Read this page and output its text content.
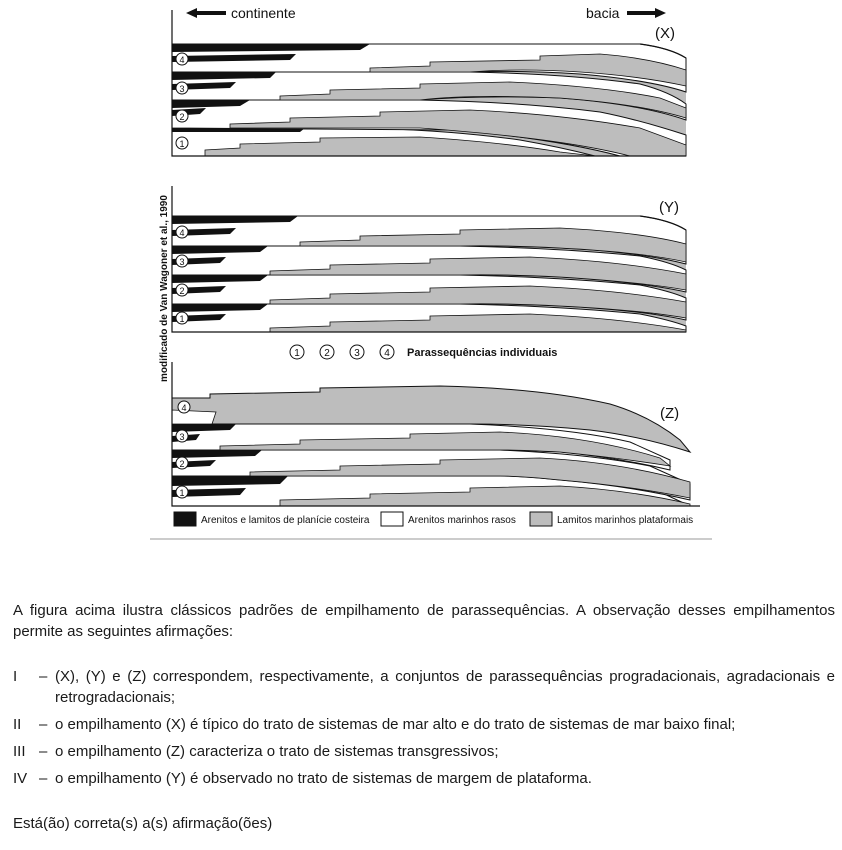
continente	bacia
modificado de Van Wagoner et al., 1990
(X)
(Y)
1 2 3 4 Parassequências individuais
(Z)
1
2
3
4
1
2
3
4
1
2
3
4
Arenitos e lamitos de planície costeira	Arenitos marinhos rasos	Lamitos marinhos plataformais

A figura acima ilustra clássicos padrões de empilhamento de parassequências. A observação desses empilhamentos permite as seguintes afirmações:

I	– (X), (Y) e (Z) correspondem, respectivamente, a conjuntos de parassequências progradacionais, agradacionais e retrogradacionais;
II	– o empilhamento (X) é típico do trato de sistemas de mar alto e do trato de sistemas de mar baixo final;
III – o empilhamento (Z) caracteriza o trato de sistemas transgressivos;
IV – o empilhamento (Y) é observado no trato de sistemas de margem de plataforma.

Está(ão) correta(s) a(s) afirmação(ões)
